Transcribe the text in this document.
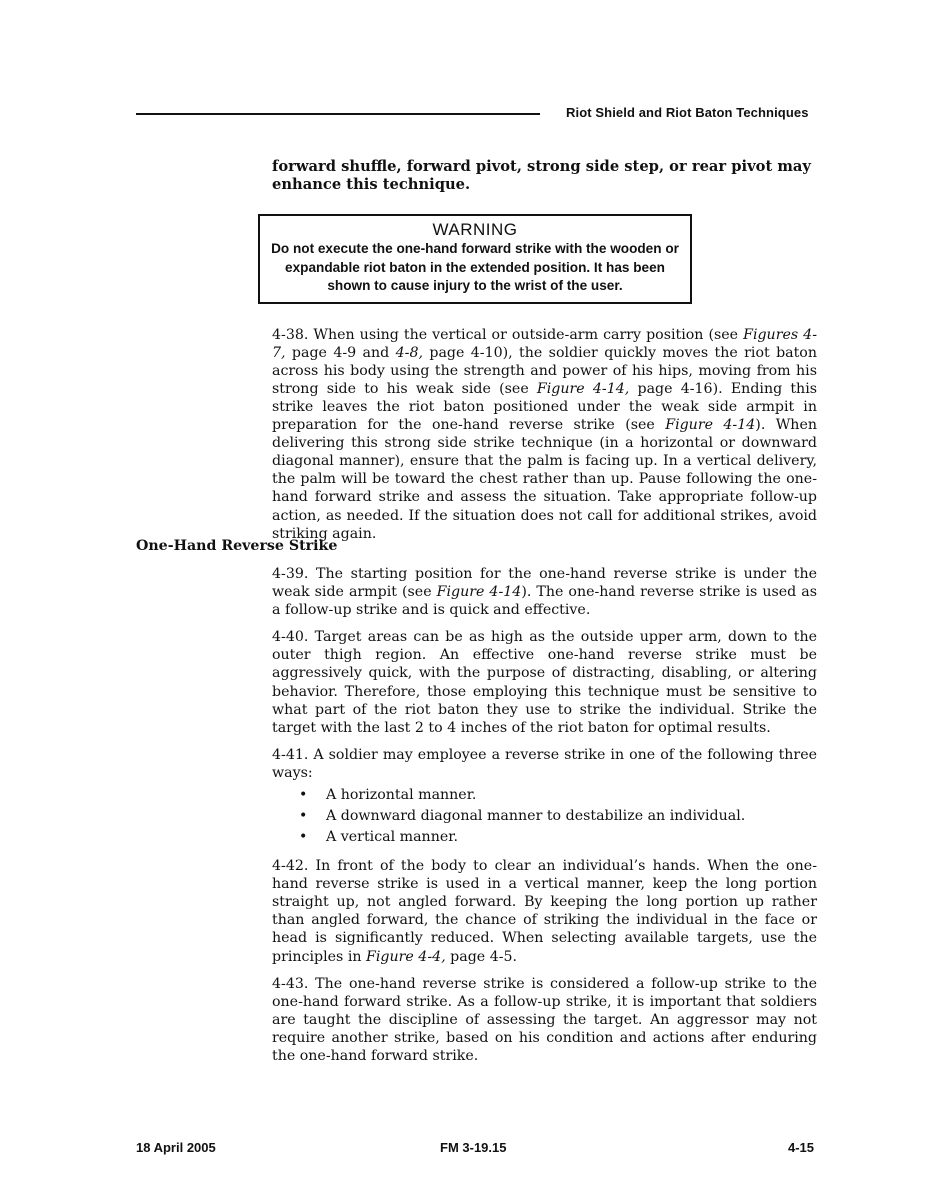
Riot Shield and Riot Baton Techniques

forward shuffle, forward pivot, strong side step, or rear pivot may enhance this technique.

WARNING
Do not execute the one-hand forward strike with the wooden or expandable riot baton in the extended position. It has been shown to cause injury to the wrist of the user.

4-38. When using the vertical or outside-arm carry position (see Figures 4-7, page 4-9 and 4-8, page 4-10), the soldier quickly moves the riot baton across his body using the strength and power of his hips, moving from his strong side to his weak side (see Figure 4-14, page 4-16). Ending this strike leaves the riot baton positioned under the weak side armpit in preparation for the one-hand reverse strike (see Figure 4-14). When delivering this strong side strike technique (in a horizontal or downward diagonal manner), ensure that the palm is facing up. In a vertical delivery, the palm will be toward the chest rather than up. Pause following the one-hand forward strike and assess the situation. Take appropriate follow-up action, as needed. If the situation does not call for additional strikes, avoid striking again.

One-Hand Reverse Strike

4-39. The starting position for the one-hand reverse strike is under the weak side armpit (see Figure 4-14). The one-hand reverse strike is used as a follow-up strike and is quick and effective.

4-40. Target areas can be as high as the outside upper arm, down to the outer thigh region. An effective one-hand reverse strike must be aggressively quick, with the purpose of distracting, disabling, or altering behavior. Therefore, those employing this technique must be sensitive to what part of the riot baton they use to strike the individual. Strike the target with the last 2 to 4 inches of the riot baton for optimal results.

4-41. A soldier may employee a reverse strike in one of the following three ways:

• A horizontal manner.
• A downward diagonal manner to destabilize an individual.
• A vertical manner.

4-42. In front of the body to clear an individual’s hands. When the one-hand reverse strike is used in a vertical manner, keep the long portion straight up, not angled forward. By keeping the long portion up rather than angled forward, the chance of striking the individual in the face or head is significantly reduced. When selecting available targets, use the principles in Figure 4-4, page 4-5.

4-43. The one-hand reverse strike is considered a follow-up strike to the one-hand forward strike. As a follow-up strike, it is important that soldiers are taught the discipline of assessing the target. An aggressor may not require another strike, based on his condition and actions after enduring the one-hand forward strike.

18 April 2005	FM 3-19.15	4-15
